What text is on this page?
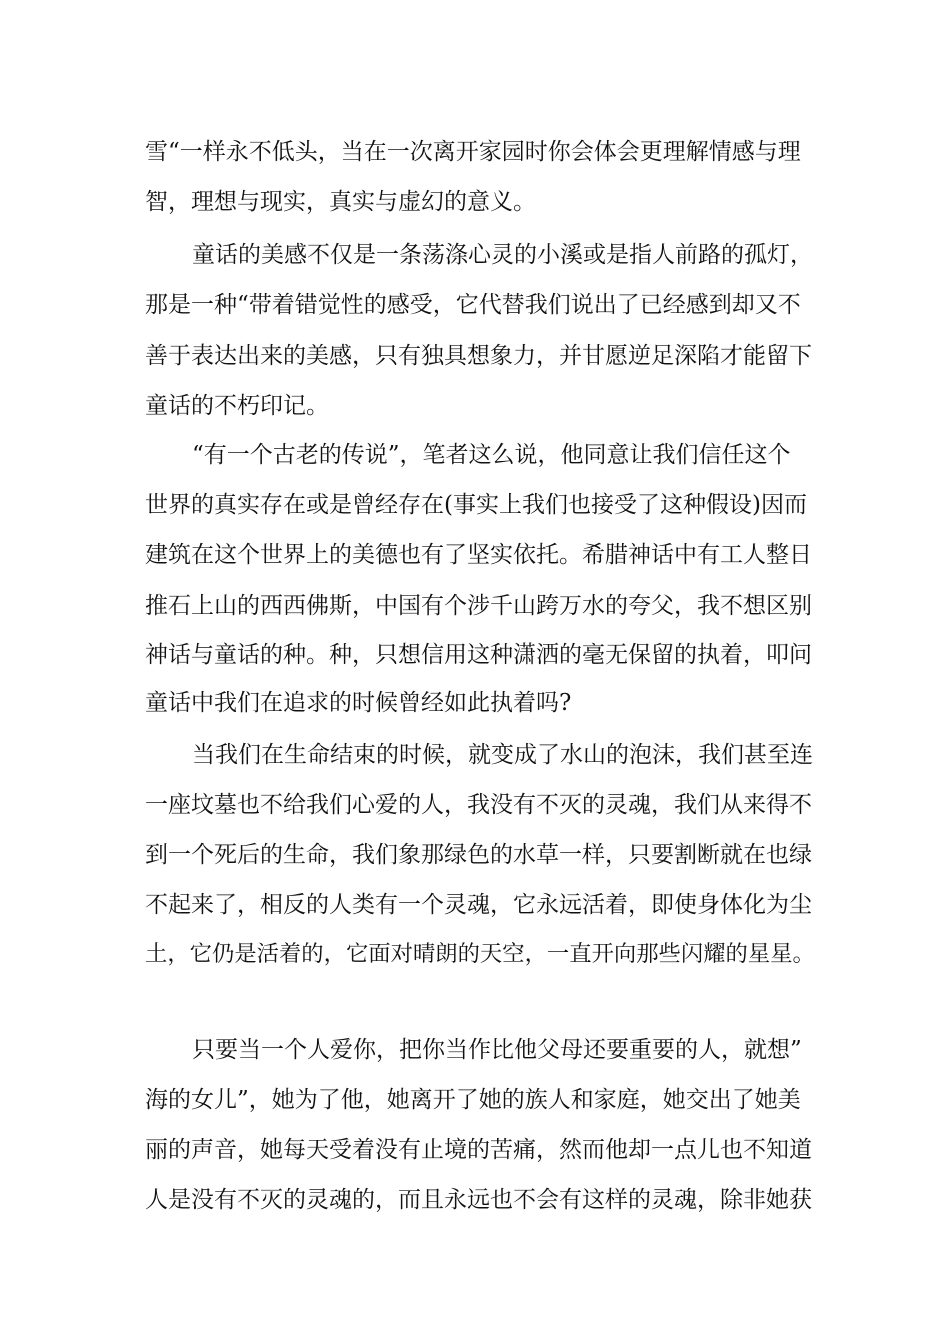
雪“一样永不低头，当在一次离开家园时你会体会更理解情感与理
智，理想与现实，真实与虚幻的意义。
童话的美感不仅是一条荡涤心灵的小溪或是指人前路的孤灯，
那是一种“带着错觉性的感受，它代替我们说出了已经感到却又不
善于表达出来的美感，只有独具想象力，并甘愿逆足深陷才能留下
童话的不朽印记。
“有一个古老的传说”，笔者这么说，他同意让我们信任这个
世界的真实存在或是曾经存在(事实上我们也接受了这种假设)因而
建筑在这个世界上的美德也有了坚实依托。希腊神话中有工人整日
推石上山的西西佛斯，中国有个涉千山跨万水的夸父，我不想区别
神话与童话的种。种，只想信用这种潇洒的毫无保留的执着，叩问
童话中我们在追求的时候曾经如此执着吗?
当我们在生命结束的时候，就变成了水山的泡沫，我们甚至连
一座坟墓也不给我们心爱的人，我没有不灭的灵魂，我们从来得不
到一个死后的生命，我们象那绿色的水草一样，只要割断就在也绿
不起来了，相反的人类有一个灵魂，它永远活着，即使身体化为尘
土，它仍是活着的，它面对晴朗的天空，一直开向那些闪耀的星星。
只要当一个人爱你，把你当作比他父母还要重要的人，就想”
海的女儿”，她为了他，她离开了她的族人和家庭，她交出了她美
丽的声音，她每天受着没有止境的苦痛，然而他却一点儿也不知道
人是没有不灭的灵魂的，而且永远也不会有这样的灵魂，除非她获
